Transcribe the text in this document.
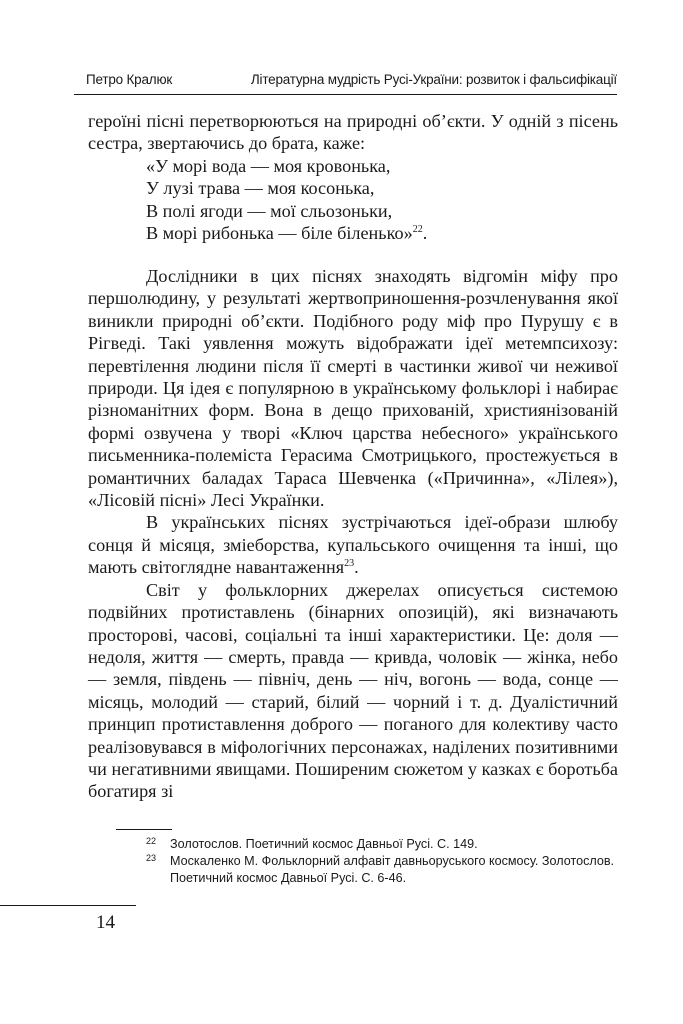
Петро Кралюк	Літературна мудрість Русі-України: розвиток і фальсифікації

героїні пісні перетворюються на природні об’єкти. У одній з пісень сестра, звертаючись до брата, каже:

«У морі вода — моя кровонька,
У лузі трава — моя косонька,
В полі ягоди — мої сльозоньки,
В морі рибонька — біле біленько»$^{22}$.

Дослідники в цих піснях знаходять відгомін міфу про першолюдину, у результаті жертвоприношення-розчленування якої виникли природні об’єкти. Подібного роду міф про Пурушу є в Рігведі. Такі уявлення можуть відображати ідеї метемпсихозу: перевтілення людини після її смерті в частинки живої чи неживої природи. Ця ідея є популярною в українському фольклорі і набирає різноманітних форм. Вона в дещо прихованій, християнізованій формі озвучена у творі «Ключ царства небесного» українського письменника-полеміста Герасима Смотрицького, простежується в романтичних баладах Тараса Шевченка («Причинна», «Лілея»), «Лісовій пісні» Лесі Українки.

В українських піснях зустрічаються ідеї-образи шлюбу сонця й місяця, зміеборства, купальського очищення та інші, що мають світоглядне навантаження$^{23}$.

Світ у фольклорних джерелах описується системою подвійних протиставлень (бінарних опозицій), які визначають просторові, часові, соціальні та інші характеристики. Це: доля — недоля, життя — смерть, правда — кривда, чоловік — жінка, небо — земля, південь — північ, день — ніч, вогонь — вода, сонце — місяць, молодий — старий, білий — чорний і т. д. Дуалістичний принцип протиставлення доброго — поганого для колективу часто реалізовувався в міфологічних персонажах, наділених позитивними чи негативними явищами. Поширеним сюжетом у казках є боротьба богатиря зі

22 Золотослов. Поетичний космос Давньої Русі. С. 149.
23 Москаленко М. Фольклорний алфавіт давньоруського космосу. Золотослов. Поетичний космос Давньої Русі. С. 6-46.
14
